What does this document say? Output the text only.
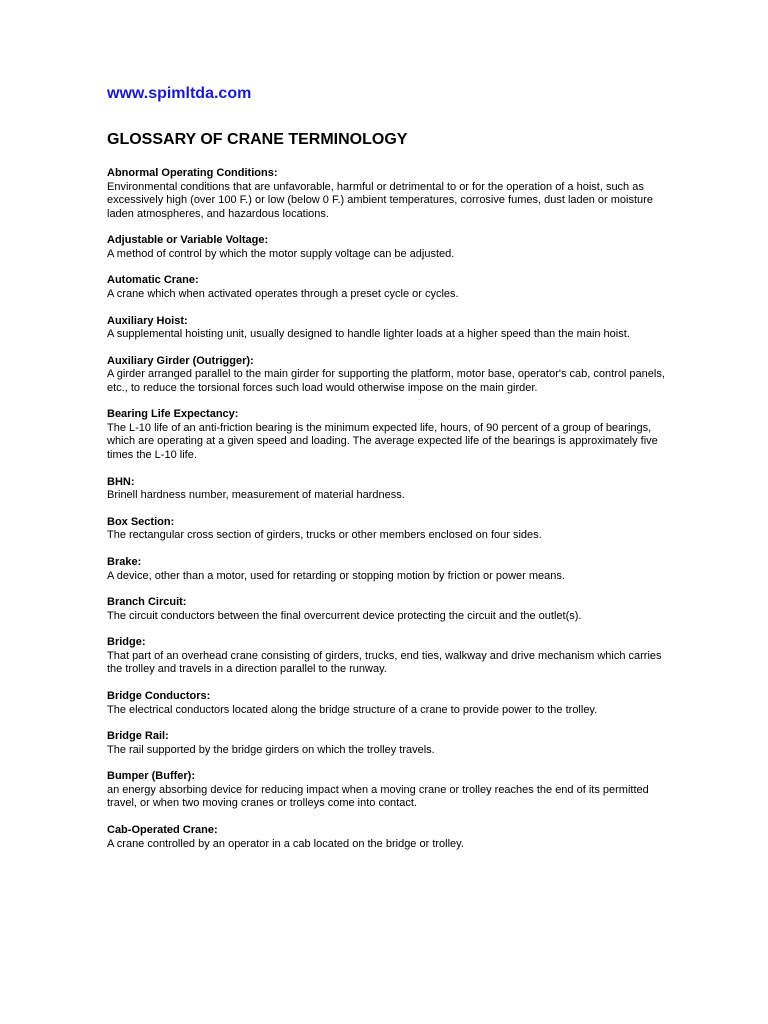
www.spimltda.com
GLOSSARY OF CRANE TERMINOLOGY
Abnormal Operating Conditions:
Environmental conditions that are unfavorable, harmful or detrimental to or for the operation of a hoist, such as excessively high (over 100 F.) or low (below 0 F.) ambient temperatures, corrosive fumes, dust laden or moisture laden atmospheres, and hazardous locations.
Adjustable or Variable Voltage:
A method of control by which the motor supply voltage can be adjusted.
Automatic Crane:
A crane which when activated operates through a preset cycle or cycles.
Auxiliary Hoist:
A supplemental hoisting unit, usually designed to handle lighter loads at a higher speed than the main hoist.
Auxiliary Girder (Outrigger):
A girder arranged parallel to the main girder for supporting the platform, motor base, operator's cab, control panels, etc., to reduce the torsional forces such load would otherwise impose on the main girder.
Bearing Life Expectancy:
The L-10 life of an anti-friction bearing is the minimum expected life, hours, of 90 percent of a group of bearings, which are operating at a given speed and loading. The average expected life of the bearings is approximately five times the L-10 life.
BHN:
Brinell hardness number, measurement of material hardness.
Box Section:
The rectangular cross section of girders, trucks or other members enclosed on four sides.
Brake:
A device, other than a motor, used for retarding or stopping motion by friction or power means.
Branch Circuit:
The circuit conductors between the final overcurrent device protecting the circuit and the outlet(s).
Bridge:
That part of an overhead crane consisting of girders, trucks, end ties, walkway and drive mechanism which carries the trolley and travels in a direction parallel to the runway.
Bridge Conductors:
The electrical conductors located along the bridge structure of a crane to provide power to the trolley.
Bridge Rail:
The rail supported by the bridge girders on which the trolley travels.
Bumper (Buffer):
an energy absorbing device for reducing impact when a moving crane or trolley reaches the end of its permitted travel, or when two moving cranes or trolleys come into contact.
Cab-Operated Crane:
A crane controlled by an operator in a cab located on the bridge or trolley.
